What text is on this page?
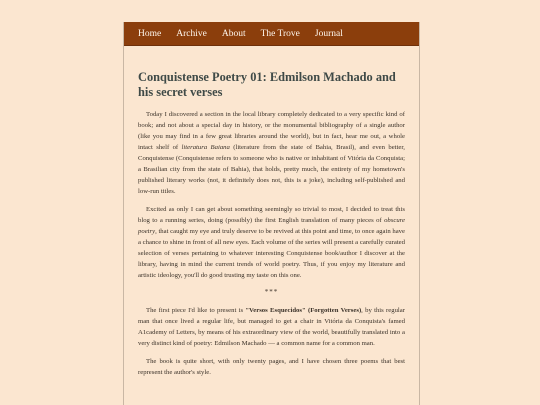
Home Archive About The Trove Journal
Conquistense Poetry 01: Edmilson Machado and his secret verses

Today I discovered a section in the local library completely dedicated to a very specific kind of book; and not about a special day in history, or the monumental bibliography of a single author (like you may find in a few great libraries around the world), but in fact, hear me out, a whole intact shelf of literatura Baiana (literature from the state of Bahia, Brasil), and even better, Conquistense (Conquistense refers to someone who is native or inhabitant of Vitória da Conquista; a Brasilian city from the state of Bahia), that holds, pretty much, the entirety of my hometown's published literary works (not, it definitely does not, this is a joke), including self-published and low-run titles.

Excited as only I can get about something seemingly so trivial to most, I decided to treat this blog to a running series, doing (possibly) the first English translation of many pieces of obscure poetry, that caught my eye and truly deserve to be revived at this point and time, to once again have a chance to shine in front of all new eyes. Each volume of the series will present a carefully curated selection of verses pertaining to whatever interesting Conquistense book/author I discover at the library, having in mind the current trends of world poetry. Thus, if you enjoy my literature and artistic ideology, you'll do good trusting my taste on this one.

***

The first piece I'd like to present is "Versos Esquecidos" (Forgotten Verses), by this regular man that once lived a regular life, but managed to get a chair in Vitória da Conquista's famed A1cademy of Letters, by means of his extraordinary view of the world, beautifully translated into a very distinct kind of poetry: Edmilson Machado — a common name for a common man.

The book is quite short, with only twenty pages, and I have chosen three poems that best represent the author's style.
